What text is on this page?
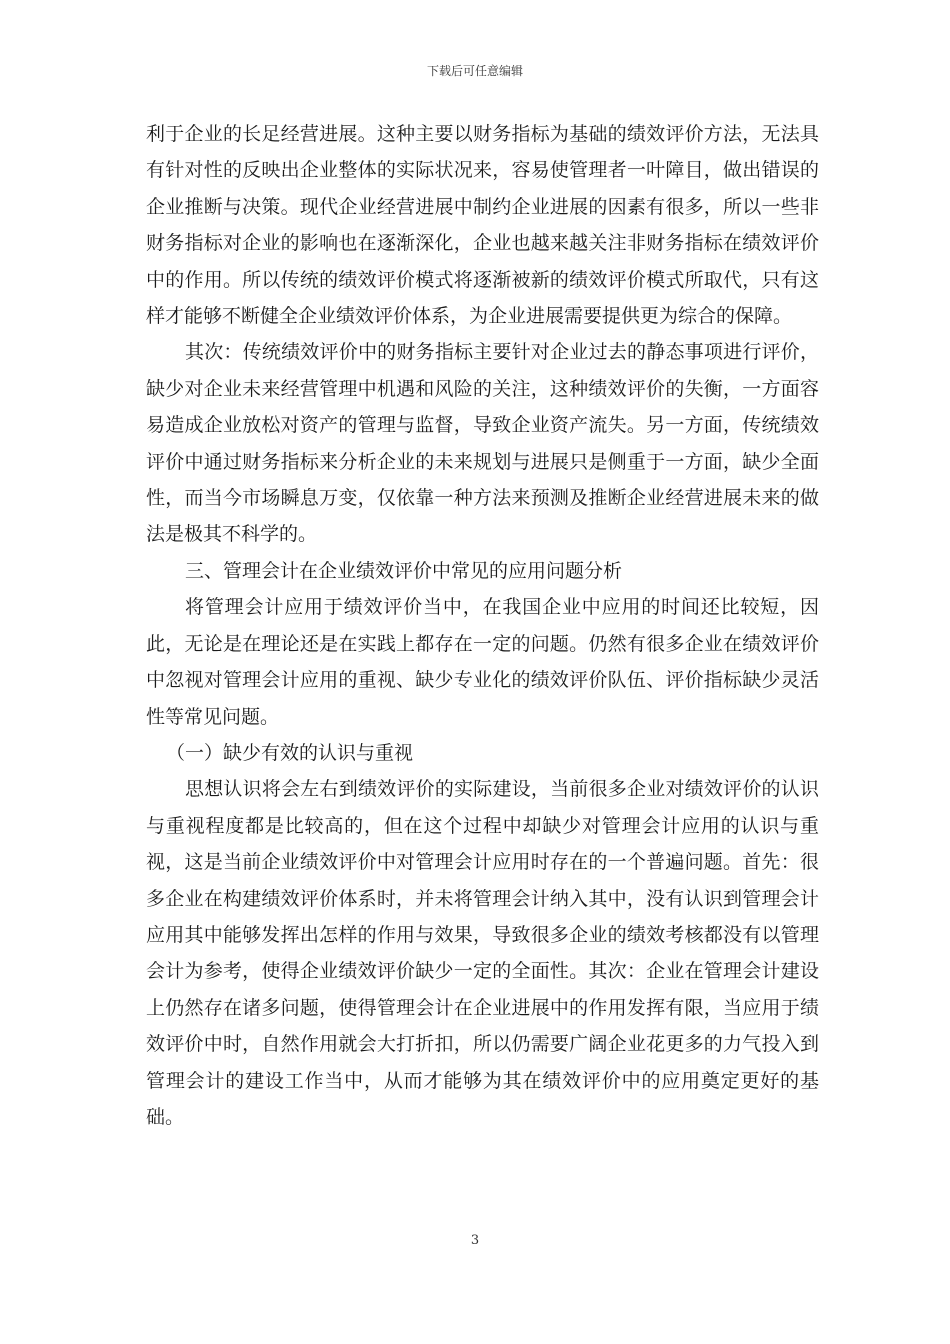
下载后可任意编辑

利于企业的长足经营进展。这种主要以财务指标为基础的绩效评价方法，无法具有针对性的反映出企业整体的实际状况来，容易使管理者一叶障目，做出错误的企业推断与决策。现代企业经营进展中制约企业进展的因素有很多，所以一些非财务指标对企业的影响也在逐渐深化，企业也越来越关注非财务指标在绩效评价中的作用。所以传统的绩效评价模式将逐渐被新的绩效评价模式所取代，只有这样才能够不断健全企业绩效评价体系，为企业进展需要提供更为综合的保障。

其次：传统绩效评价中的财务指标主要针对企业过去的静态事项进行评价，缺少对企业未来经营管理中机遇和风险的关注，这种绩效评价的失衡，一方面容易造成企业放松对资产的管理与监督，导致企业资产流失。另一方面，传统绩效评价中通过财务指标来分析企业的未来规划与进展只是侧重于一方面，缺少全面性，而当今市场瞬息万变，仅依靠一种方法来预测及推断企业经营进展未来的做法是极其不科学的。

三、管理会计在企业绩效评价中常见的应用问题分析

将管理会计应用于绩效评价当中，在我国企业中应用的时间还比较短，因此，无论是在理论还是在实践上都存在一定的问题。仍然有很多企业在绩效评价中忽视对管理会计应用的重视、缺少专业化的绩效评价队伍、评价指标缺少灵活性等常见问题。

（一）缺少有效的认识与重视

思想认识将会左右到绩效评价的实际建设，当前很多企业对绩效评价的认识与重视程度都是比较高的，但在这个过程中却缺少对管理会计应用的认识与重视，这是当前企业绩效评价中对管理会计应用时存在的一个普遍问题。首先：很多企业在构建绩效评价体系时，并未将管理会计纳入其中，没有认识到管理会计应用其中能够发挥出怎样的作用与效果，导致很多企业的绩效考核都没有以管理会计为参考，使得企业绩效评价缺少一定的全面性。其次：企业在管理会计建设上仍然存在诸多问题，使得管理会计在企业进展中的作用发挥有限，当应用于绩效评价中时，自然作用就会大打折扣，所以仍需要广阔企业花更多的力气投入到管理会计的建设工作当中，从而才能够为其在绩效评价中的应用奠定更好的基础。

3
